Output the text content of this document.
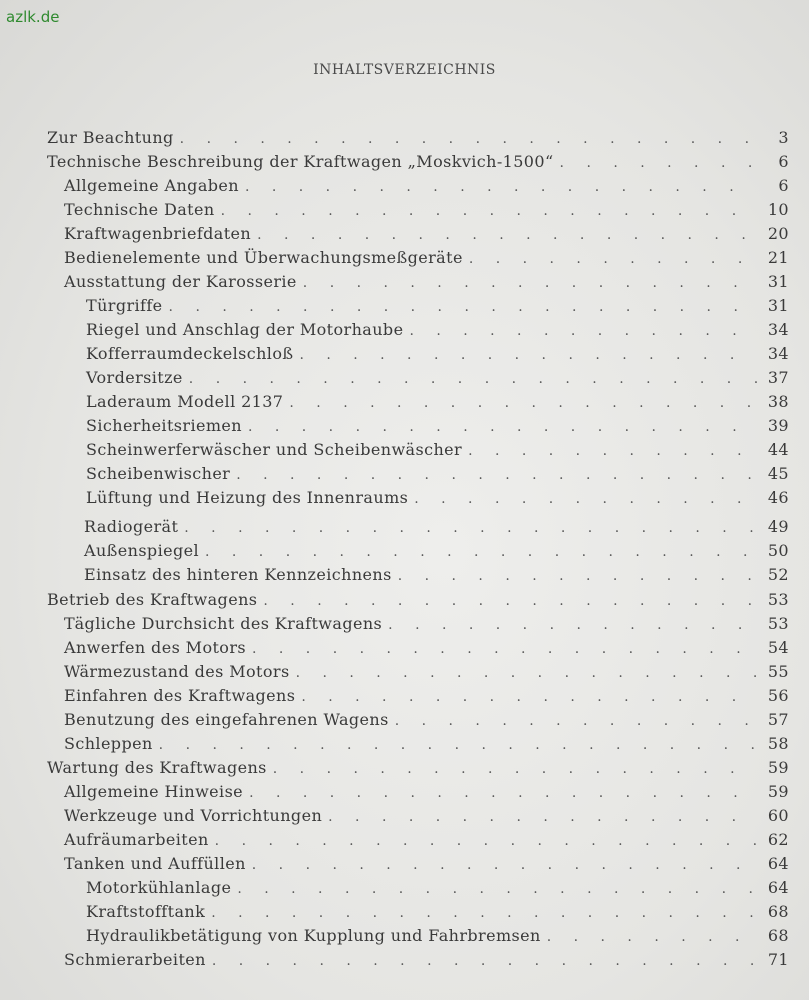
azlk.de
INHALTSVERZEICHNIS
Zur Beachtung . . .	3
Technische Beschreibung der Kraftwagen „Moskvich-1500“ . . .	6
Allgemeine Angaben . . .	6
Technische Daten . . .	10
Kraftwagenbriefdaten . . .	20
Bedienelemente und Überwachungsmeßgeräte . . .	21
Ausstattung der Karosserie . . .	31
Türgriffe . . .	31
Riegel und Anschlag der Motorhaube . . .	34
Kofferraumdeckelschloß . . .	34
Vordersitze . . .	37
Laderaum Modell 2137 . . .	38
Sicherheitsriemen . . .	39
Scheinwerferwäscher und Scheibenwäscher . . .	44
Scheibenwischer . . .	45
Lüftung und Heizung des Innenraums . . .	46
Radiogerät . . .	49
Außenspiegel . . .	50
Einsatz des hinteren Kennzeichnens . . .	52
Betrieb des Kraftwagens . . .	53
Tägliche Durchsicht des Kraftwagens . . .	53
Anwerfen des Motors . . .	54
Wärmezustand des Motors . . .	55
Einfahren des Kraftwagens . . .	56
Benutzung des eingefahrenen Wagens . . .	57
Schleppen . . .	58
Wartung des Kraftwagens . . .	59
Allgemeine Hinweise . . .	59
Werkzeuge und Vorrichtungen . . .	60
Aufräumarbeiten . . .	62
Tanken und Auffüllen . . .	64
Motorkühlanlage . . .	64
Kraftstofftank . . .	68
Hydraulikbetätigung von Kupplung und Fahrbremsen . . .	68
Schmierarbeiten . . .	71
